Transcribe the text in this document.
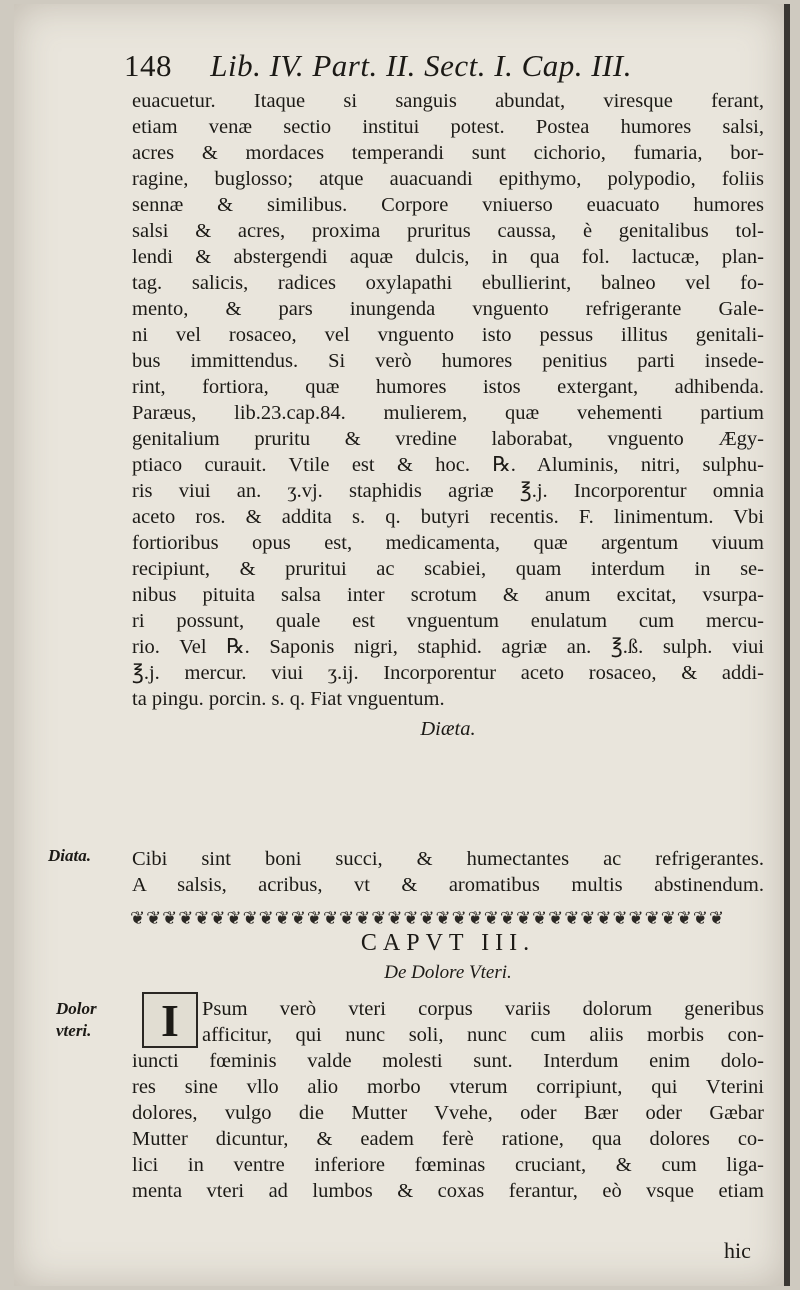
148 Lib. IV. Part. II. Sect. I. Cap. III.
euacuetur. Itaque si sanguis abundat, viresque ferant,
etiam venæ sectio institui potest. Postea humores salsi,
acres & mordaces temperandi sunt cichorio, fumaria, bor-
ragine, buglosso; atque auacuandi epithymo, polypodio, foliis
sennæ & similibus. Corpore vniuerso euacuato humores
salsi & acres, proxima pruritus caussa, è genitalibus tol-
lendi & abstergendi aquæ dulcis, in qua fol. lactucæ, plan-
tag. salicis, radices oxylapathi ebullierint, balneo vel fo-
mento, & pars inungenda vnguento refrigerante Gale-
ni vel rosaceo, vel vnguento isto pessus illitus genitali-
bus immittendus. Si verò humores penitius parti insede-
rint, fortiora, quæ humores istos extergant, adhibenda.
Paræus, lib.23.cap.84. mulierem, quæ vehementi partium
genitalium pruritu & vredine laborabat, vnguento Ægy-
ptiaco curauit. Vtile est & hoc. ℞. Aluminis, nitri, sulphu-
ris viui an. ʒ.vj. staphidis agriæ ℥.j. Incorporentur omnia
aceto ros. & addita s. q. butyri recentis. F. linimentum. Vbi
fortioribus opus est, medicamenta, quæ argentum viuum
recipiunt, & pruritui ac scabiei, quam interdum in se-
nibus pituita salsa inter scrotum & anum excitat, vsurpa-
ri possunt, quale est vnguentum enulatum cum mercu-
rio. Vel ℞. Saponis nigri, staphid. agriæ an. ℥.ß. sulph. viui
℥.j. mercur. viui ʒ.ij. Incorporentur aceto rosaceo, & addi-
ta pingu. porcin. s. q. Fiat vnguentum.
Diæta.
Diata. Cibi sint boni succi, & humectantes ac refrigerantes.
A salsis, acribus, vt & aromatibus multis abstinendum.
❦❦❦❦❦❦❦❦❦❦❦❦❦❦❦❦❦❦❦❦❦❦❦❦❦❦❦❦❦❦❦❦❦❦❦❦❦
CAPVT III.
De Dolore Vteri.
Dolor
vteri.	I	Psum verò vteri corpus variis dolorum generibus
afficitur, qui nunc soli, nunc cum aliis morbis con-
iuncti fœminis valde molesti sunt. Interdum enim dolo-
res sine vllo alio morbo vterum corripiunt, qui Vterini
dolores, vulgo die Mutter Vvehe, oder Bær oder Gæbar
Mutter dicuntur, & eadem ferè ratione, qua dolores co-
lici in ventre inferiore fœminas cruciant, & cum liga-
menta vteri ad lumbos & coxas ferantur, eò vsque etiam
hic
